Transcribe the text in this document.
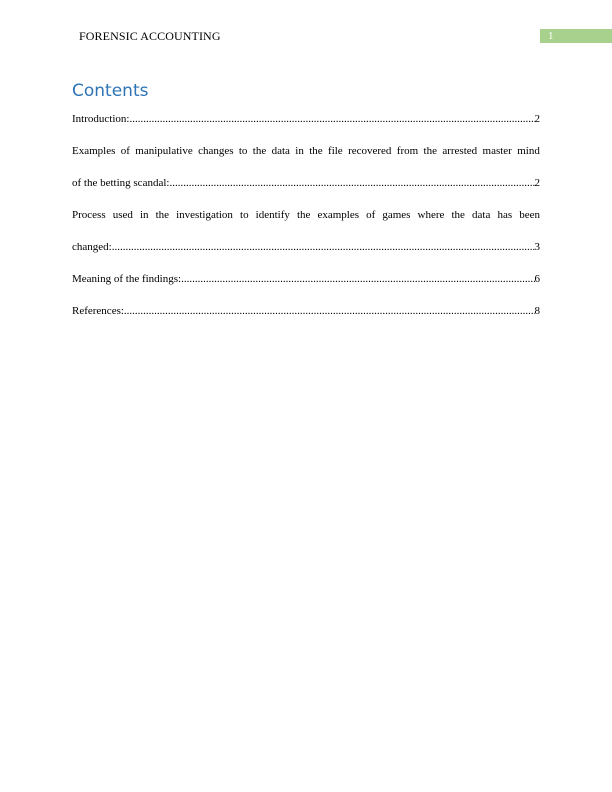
FORENSIC ACCOUNTING	1
Contents
Introduction: .....	2
Examples of manipulative changes to the data in the file recovered from the arrested master mind
of the betting scandal: .....	2
Process used in the investigation to identify the examples of games where the data has been
changed: .....	3
Meaning of the findings: .....	6
References: .....	8
